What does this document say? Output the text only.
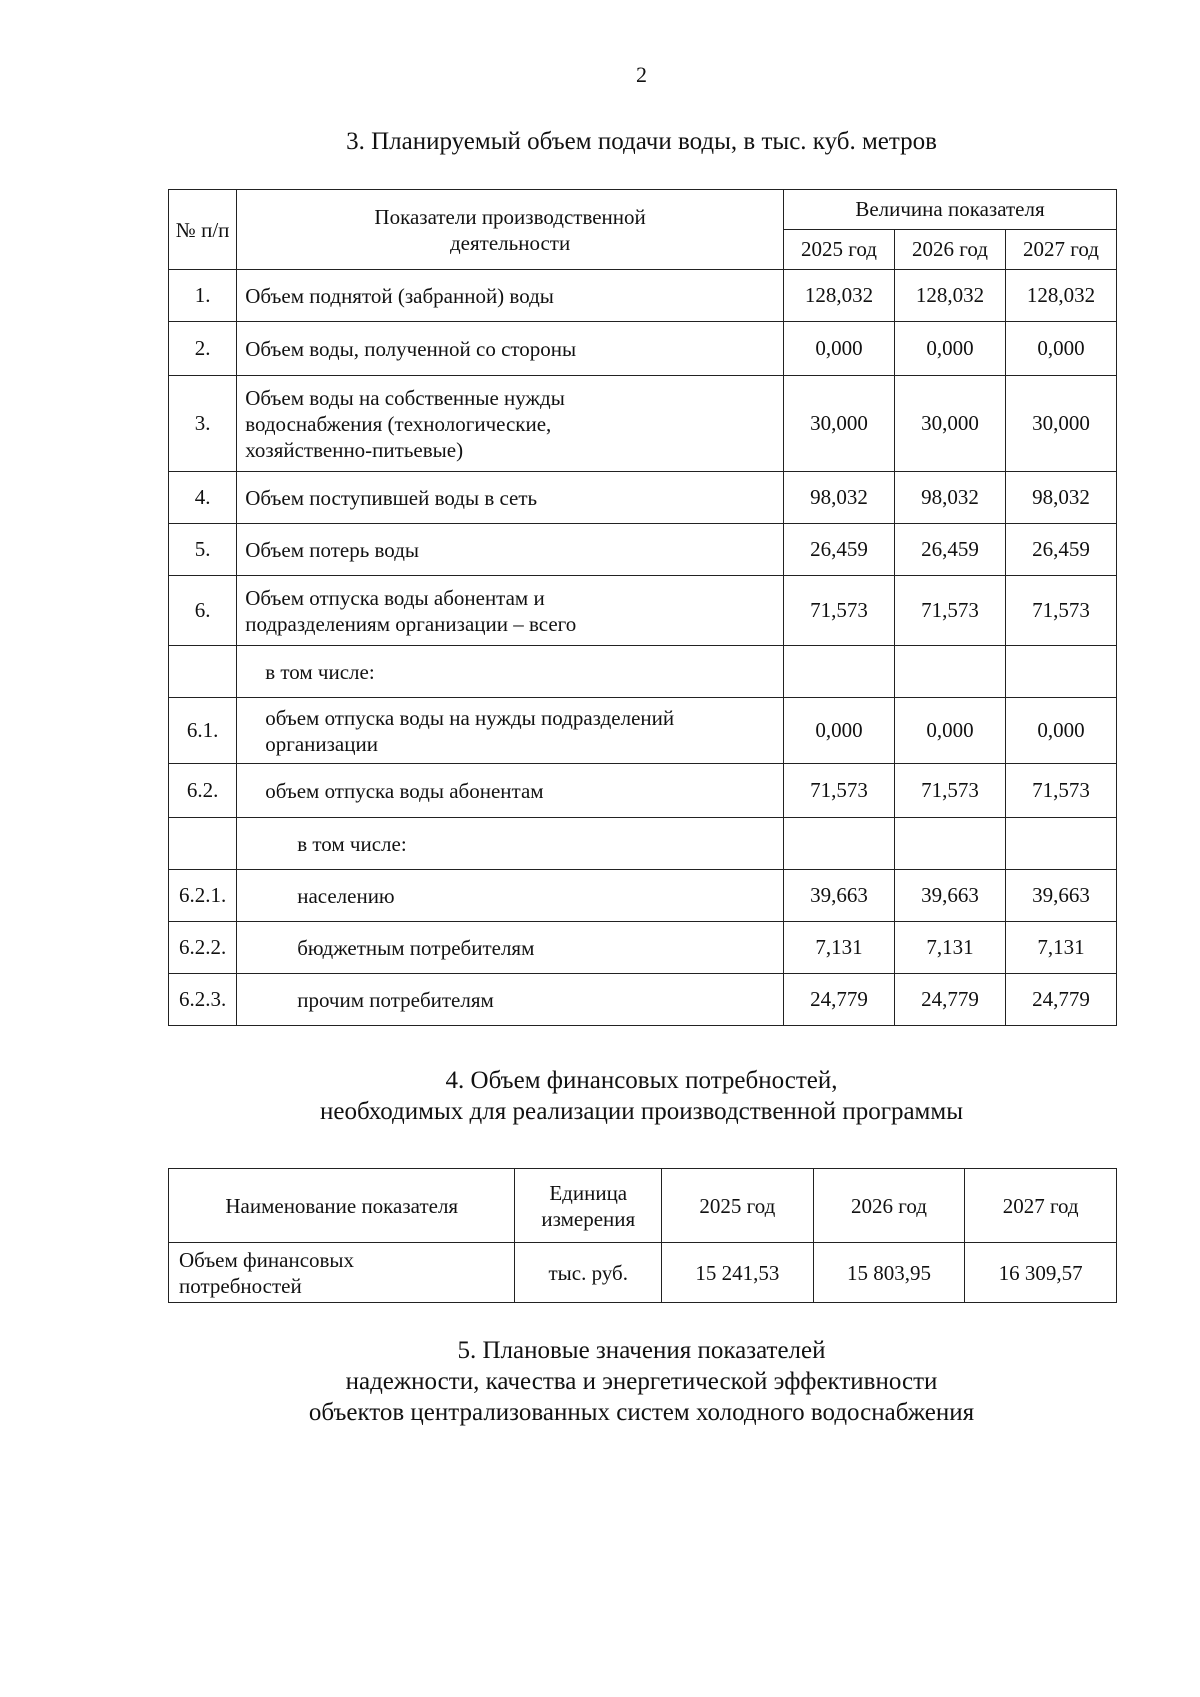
2
3. Планируемый объем подачи воды, в тыс. куб. метров
№ п/п	Показатели производственной деятельности	Величина показателя		
		2025 год	2026 год	2027 год
1.	Объем поднятой (забранной) воды	128,032	128,032	128,032
2.	Объем воды, полученной со стороны	0,000	0,000	0,000
3.	Объем воды на собственные нужды водоснабжения (технологические, хозяйственно-питьевые)	30,000	30,000	30,000
4.	Объем поступившей воды в сеть	98,032	98,032	98,032
5.	Объем потерь воды	26,459	26,459	26,459
6.	Объем отпуска воды абонентам и подразделениям организации – всего	71,573	71,573	71,573
	в том числе:			
6.1.	объем отпуска воды на нужды подразделений организации	0,000	0,000	0,000
6.2.	объем отпуска воды абонентам	71,573	71,573	71,573
	в том числе:			
6.2.1.	населению	39,663	39,663	39,663
6.2.2.	бюджетным потребителям	7,131	7,131	7,131
6.2.3.	прочим потребителям	24,779	24,779	24,779
4. Объем финансовых потребностей,
необходимых для реализации производственной программы
Наименование показателя	Единица измерения	2025 год	2026 год	2027 год

Объем финансовых потребностей	тыс. руб.	15 241,53	15 803,95	16 309,57
5. Плановые значения показателей
надежности, качества и энергетической эффективности
объектов централизованных систем холодного водоснабжения
